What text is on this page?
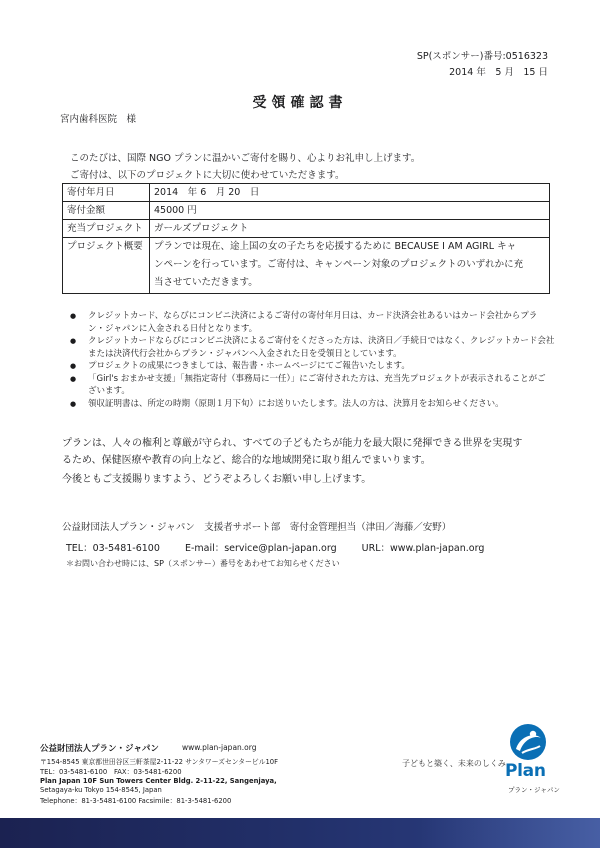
SP(スポンサー)番号:0516323
2014 年　5 月　15 日
受領確認書
宮内歯科医院　様
このたびは、国際 NGO プランに温かいご寄付を賜り、心よりお礼申し上げます。
ご寄付は、以下のプロジェクトに大切に使わせていただきます。
寄付年月日	2014　年 6　月 20　日
寄付金額	45000 円
充当プロジェクト	ガールズプロジェクト
プロジェクト概要	プランでは現在、途上国の女の子たちを応援するために BECAUSE I AM AGIRL キャ
ンペーンを行っています。ご寄付は、キャンペーン対象のプロジェクトのいずれかに充
当させていただきます。
●	クレジットカード、ならびにコンビニ決済によるご寄付の寄付年月日は、カード決済会社あるいはカード会社からプラ
ン・ジャパンに入金される日付となります。
●	クレジットカードならびにコンビニ決済によるご寄付をくださった方は、決済日／手続日ではなく、クレジットカード会社
または決済代行会社からプラン・ジャパンへ入金された日を受領日としています。
●	プロジェクトの成果につきましては、報告書・ホームページにてご報告いたします。
●	「Girl's おまかせ支援」「無指定寄付（事務局に一任）」にご寄付された方は、充当先プロジェクトが表示されることがご
ざいます。
●	領収証明書は、所定の時期（原則１月下旬）にお送りいたします。法人の方は、決算月をお知らせください。
プランは、人々の権利と尊厳が守られ、すべての子どもたちが能力を最大限に発揮できる世界を実現す
るため、保健医療や教育の向上など、総合的な地域開発に取り組んでまいります。
今後ともご支援賜りますよう、どうぞよろしくお願い申し上げます。
公益財団法人プラン・ジャパン　支援者サポート部　寄付金管理担当（津田／海藤／安野）
TEL：03-5481-6100	E-mail：service@plan-japan.org	URL：www.plan-japan.org
＊お問い合わせ時には、SP（スポンサー）番号をあわせてお知らせください
公益財団法人プラン・ジャパン	www.plan-japan.org
〒154-8545 東京都世田谷区三軒茶屋2-11-22 サンタワーズセンタービル10F
TEL：03-5481-6100　FAX：03-5481-6200
Plan Japan 10F Sun Towers Center Bldg. 2-11-22, Sangenjaya,
Setagaya-ku Tokyo 154-8545, Japan
Telephone：81-3-5481-6100 Facsimile：81-3-5481-6200
子どもと築く、未来のしくみ Plan
プラン・ジャパン
